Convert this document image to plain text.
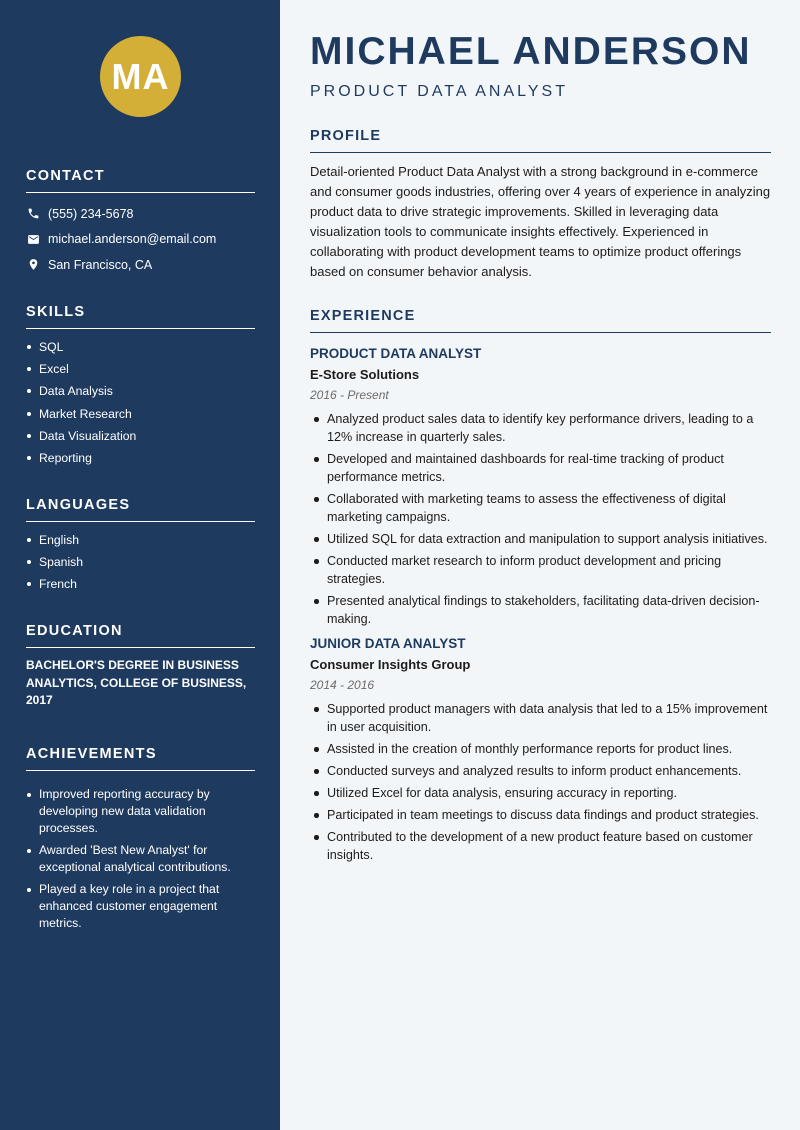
MA
CONTACT
(555) 234-5678
michael.anderson@email.com
San Francisco, CA
SKILLS
SQL
Excel
Data Analysis
Market Research
Data Visualization
Reporting
LANGUAGES
English
Spanish
French
EDUCATION
BACHELOR'S DEGREE IN BUSINESS ANALYTICS, COLLEGE OF BUSINESS, 2017
ACHIEVEMENTS
Improved reporting accuracy by developing new data validation processes.
Awarded 'Best New Analyst' for exceptional analytical contributions.
Played a key role in a project that enhanced customer engagement metrics.
MICHAEL ANDERSON
PRODUCT DATA ANALYST
PROFILE

Detail-oriented Product Data Analyst with a strong background in e-commerce and consumer goods industries, offering over 4 years of experience in analyzing product data to drive strategic improvements. Skilled in leveraging data visualization tools to communicate insights effectively. Experienced in collaborating with product development teams to optimize product offerings based on consumer behavior analysis.

EXPERIENCE
PRODUCT DATA ANALYST
E-Store Solutions
2016 - Present
Analyzed product sales data to identify key performance drivers, leading to a 12% increase in quarterly sales.
Developed and maintained dashboards for real-time tracking of product performance metrics.
Collaborated with marketing teams to assess the effectiveness of digital marketing campaigns.
Utilized SQL for data extraction and manipulation to support analysis initiatives.
Conducted market research to inform product development and pricing strategies.
Presented analytical findings to stakeholders, facilitating data-driven decision-making.
JUNIOR DATA ANALYST
Consumer Insights Group
2014 - 2016
Supported product managers with data analysis that led to a 15% improvement in user acquisition.
Assisted in the creation of monthly performance reports for product lines.
Conducted surveys and analyzed results to inform product enhancements.
Utilized Excel for data analysis, ensuring accuracy in reporting.
Participated in team meetings to discuss data findings and product strategies.
Contributed to the development of a new product feature based on customer insights.
